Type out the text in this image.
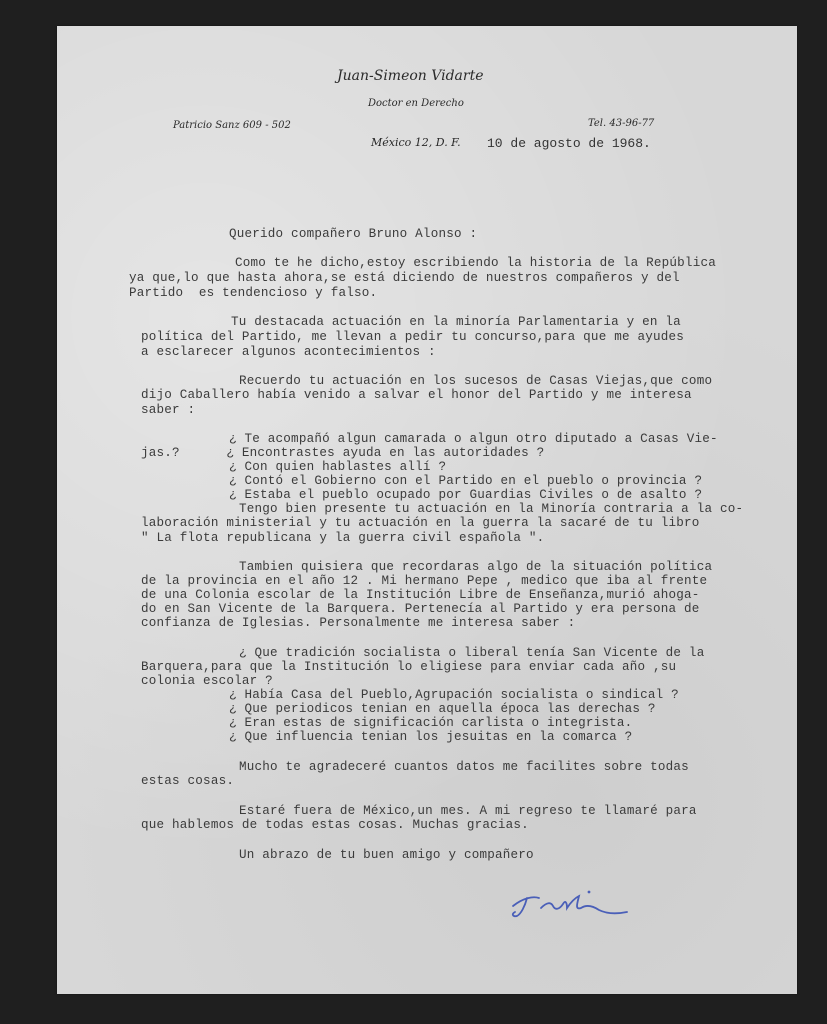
Juan-Simeon Vidarte
Doctor en Derecho
Patricio Sanz 609 - 502	Tel. 43-96-77
México 12, D. F. 10 de agosto de 1968.
Querido compañero Bruno Alonso :
Como te he dicho,estoy escribiendo la historia de la República
ya que,lo que hasta ahora,se está diciendo de nuestros compañeros y del
Partido  es tendencioso y falso.
Tu destacada actuación en la minoría Parlamentaria y en la
política del Partido, me llevan a pedir tu concurso,para que me ayudes
a esclarecer algunos acontecimientos :
Recuerdo tu actuación en los sucesos de Casas Viejas,que como
dijo Caballero había venido a salvar el honor del Partido y me interesa
saber :
¿ Te acompañó algun camarada o algun otro diputado a Casas Vie-
jas.?      ¿ Encontrastes ayuda en las autoridades ?
¿ Con quien hablastes allí ?
¿ Contó el Gobierno con el Partido en el pueblo o provincia ?
¿ Estaba el pueblo ocupado por Guardias Civiles o de asalto ?
Tengo bien presente tu actuación en la Minoría contraria a la co-
laboración ministerial y tu actuación en la guerra la sacaré de tu libro
" La flota republicana y la guerra civil española ".
Tambien quisiera que recordaras algo de la situación política
de la provincia en el año 12 . Mi hermano Pepe , medico que iba al frente
de una Colonia escolar de la Institución Libre de Enseñanza,murió ahoga-
do en San Vicente de la Barquera. Pertenecía al Partido y era persona de
confianza de Iglesias. Personalmente me interesa saber :
¿ Que tradición socialista o liberal tenía San Vicente de la
Barquera,para que la Institución lo eligiese para enviar cada año ,su
colonia escolar ?
¿ Había Casa del Pueblo,Agrupación socialista o sindical ?
¿ Que periodicos tenian en aquella época las derechas ?
¿ Eran estas de significación carlista o integrista.
¿ Que influencia tenian los jesuitas en la comarca ?
Mucho te agradeceré cuantos datos me facilites sobre todas
estas cosas.
Estaré fuera de México,un mes. A mi regreso te llamaré para
que hablemos de todas estas cosas. Muchas gracias.
Un abrazo de tu buen amigo y compañero
